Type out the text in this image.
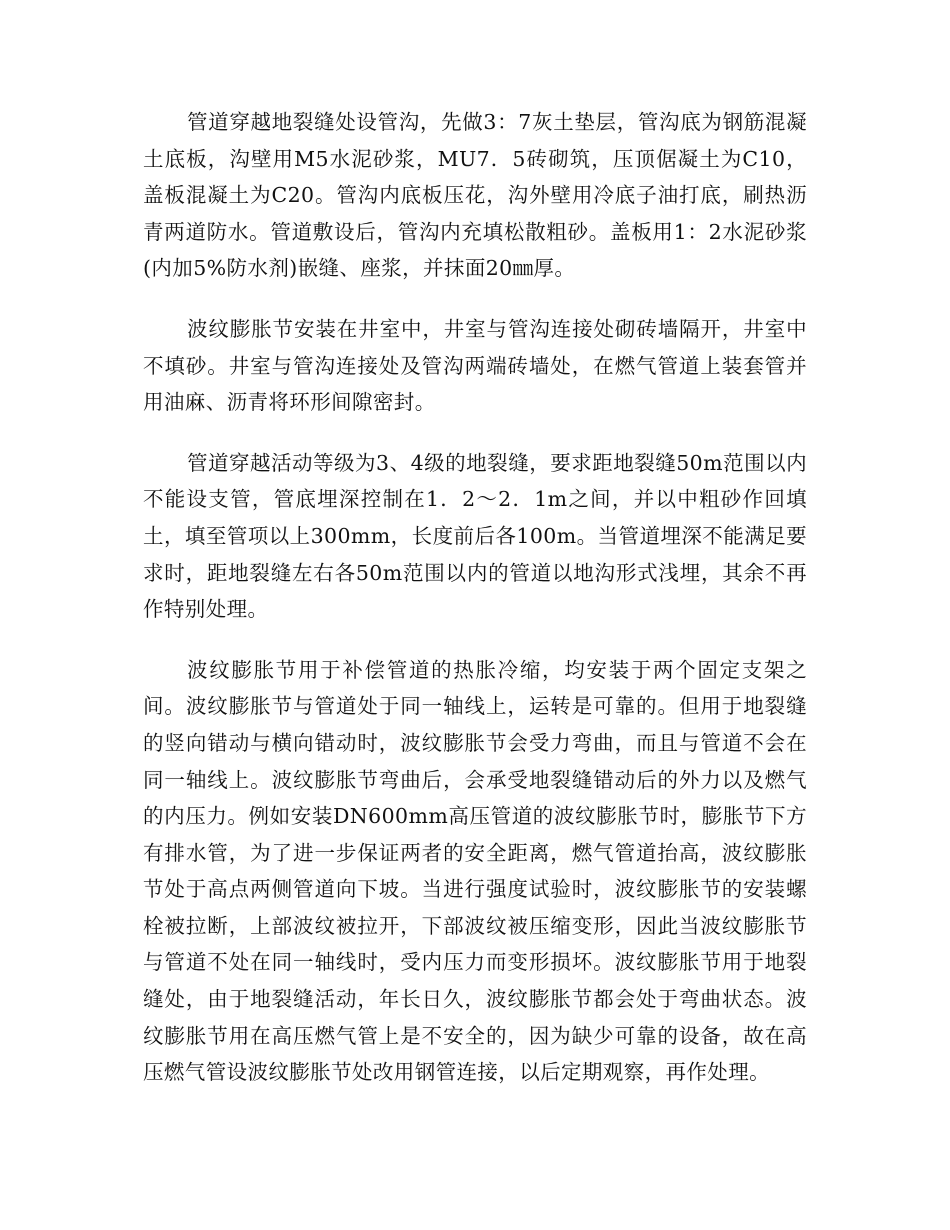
管道穿越地裂缝处设管沟，先做3：7灰土垫层，管沟底为钢筋混凝土底板，沟壁用M5水泥砂浆，MU7．5砖砌筑，压顶倨凝土为C10，盖板混凝土为C20。管沟内底板压花，沟外壁用冷底子油打底，刷热沥青两道防水。管道敷设后，管沟内充填松散粗砂。盖板用1：2水泥砂浆(内加5%防水剂)嵌缝、座浆，并抹面20㎜厚。

波纹膨胀节安装在井室中，井室与管沟连接处砌砖墙隔开，井室中不填砂。井室与管沟连接处及管沟两端砖墙处，在燃气管道上装套管并用油麻、沥青将环形间隙密封。

管道穿越活动等级为3、4级的地裂缝，要求距地裂缝50m范围以内不能设支管，管底埋深控制在1．2～2．1m之间，并以中粗砂作回填土，填至管项以上300mm，长度前后各100m。当管道埋深不能满足要求时，距地裂缝左右各50m范围以内的管道以地沟形式浅埋，其余不再作特别处理。

波纹膨胀节用于补偿管道的热胀冷缩，均安装于两个固定支架之间。波纹膨胀节与管道处于同一轴线上，运转是可靠的。但用于地裂缝的竖向错动与横向错动时，波纹膨胀节会受力弯曲，而且与管道不会在同一轴线上。波纹膨胀节弯曲后，会承受地裂缝错动后的外力以及燃气的内压力。例如安装DN600mm高压管道的波纹膨胀节时，膨胀节下方有排水管，为了进一步保证两者的安全距离，燃气管道抬高，波纹膨胀节处于高点两侧管道向下坡。当进行强度试验时，波纹膨胀节的安装螺栓被拉断，上部波纹被拉开，下部波纹被压缩变形，因此当波纹膨胀节与管道不处在同一轴线时，受内压力而变形损坏。波纹膨胀节用于地裂缝处，由于地裂缝活动，年长日久，波纹膨胀节都会处于弯曲状态。波纹膨胀节用在高压燃气管上是不安全的，因为缺少可靠的设备，故在高压燃气管设波纹膨胀节处改用钢管连接，以后定期观察，再作处理。
